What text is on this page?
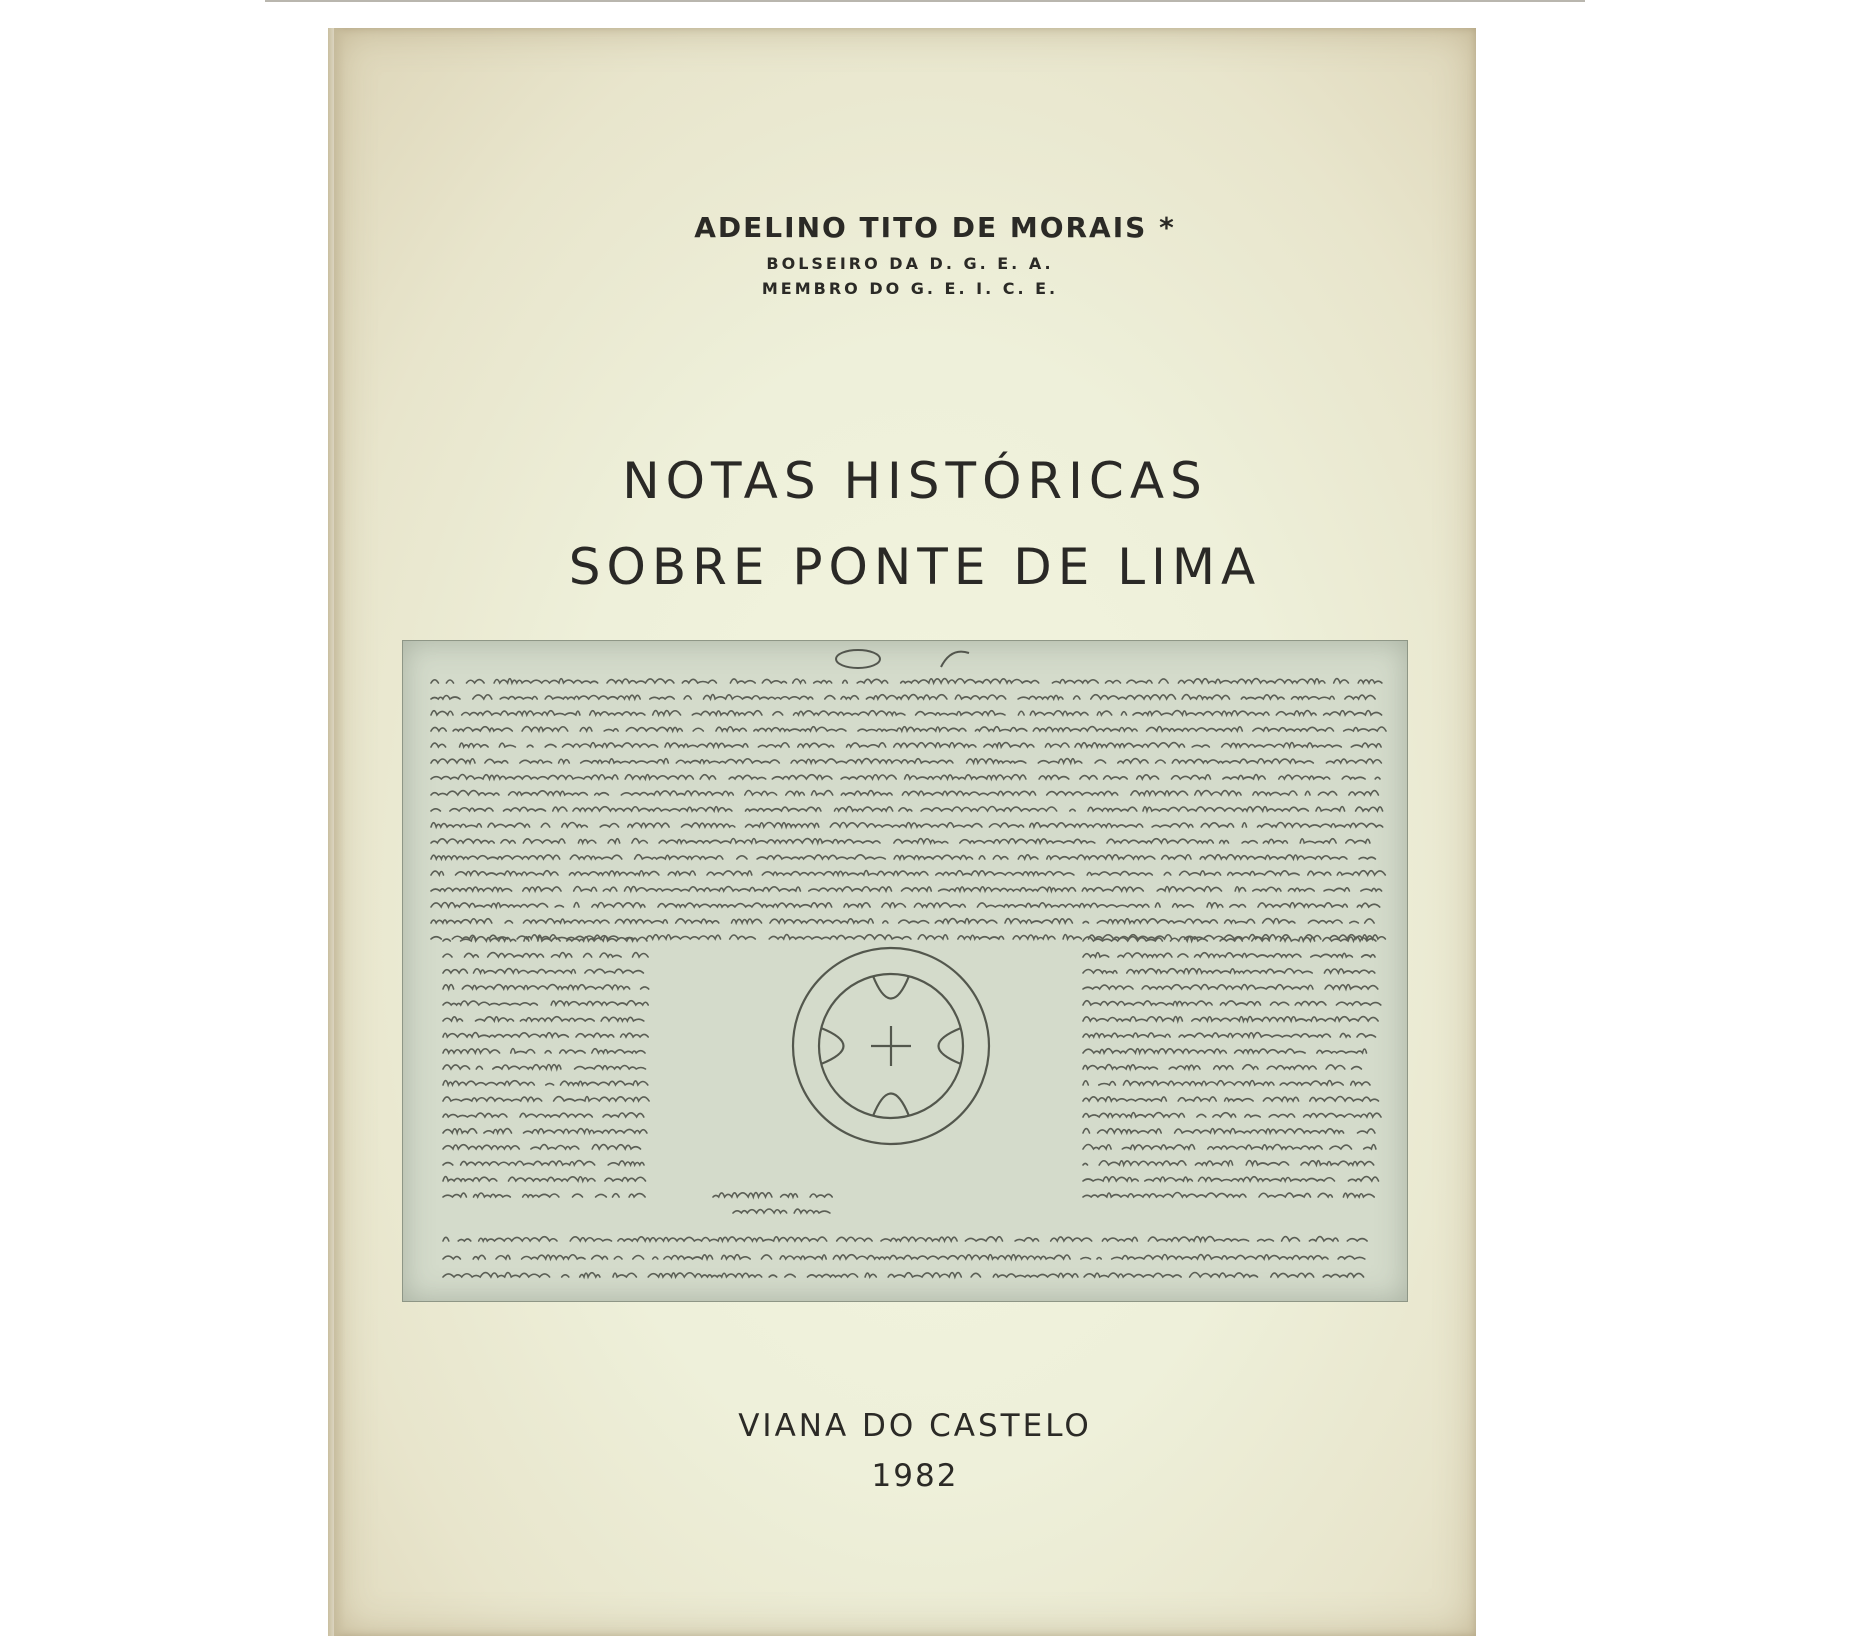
ADELINO TITO DE MORAIS *
BOLSEIRO DA D. G. E. A.
MEMBRO DO G. E. I. C. E.
NOTAS HISTÓRICAS
SOBRE PONTE DE LIMA
VIANA DO CASTELO
1982
